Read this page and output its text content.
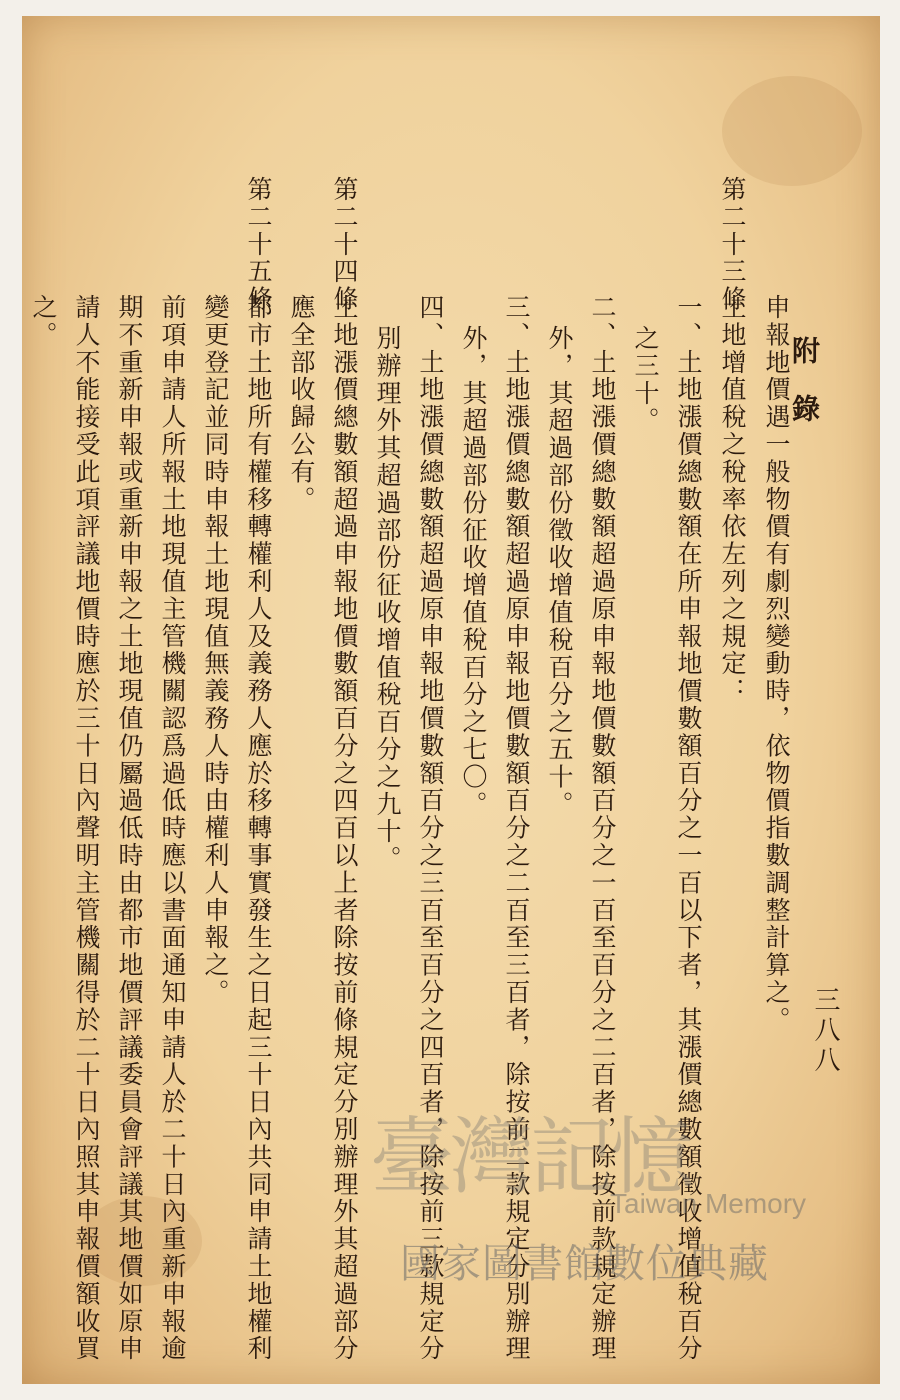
附錄
三八八
申報地價遇一般物價有劇烈變動時，依物價指數調整計算之。
第二十三條
土地增值稅之稅率依左列之規定：
一、土地漲價總數額在所申報地價數額百分之一百以下者，其漲價總數額徵收增值稅百分
之三十。
二、土地漲價總數額超過原申報地價數額百分之一百至百分之二百者，除按前款規定辦理
外，其超過部份徵收增值稅百分之五十。
三、土地漲價總數額超過原申報地價數額百分之二百至三百者，除按前二款規定分別辦理
外，其超過部份征收增值稅百分之七〇。
四、土地漲價總數額超過原申報地價數額百分之三百至百分之四百者，除按前三款規定分
別辦理外其超過部份征收增值稅百分之九十。
第二十四條
土地漲價總數額超過申報地價數額百分之四百以上者除按前條規定分別辦理外其超過部分
應全部收歸公有。
第二十五條
都市土地所有權移轉權利人及義務人應於移轉事實發生之日起三十日內共同申請土地權利
變更登記並同時申報土地現值無義務人時由權利人申報之。
前項申請人所報土地現值主管機關認爲過低時應以書面通知申請人於二十日內重新申報逾
期不重新申報或重新申報之土地現值仍屬過低時由都市地價評議委員會評議其地價如原申
請人不能接受此項評議地價時應於三十日內聲明主管機關得於二十日內照其申報價額收買
之。
臺灣記憶
Taiwan Memory
國家圖書館數位典藏
